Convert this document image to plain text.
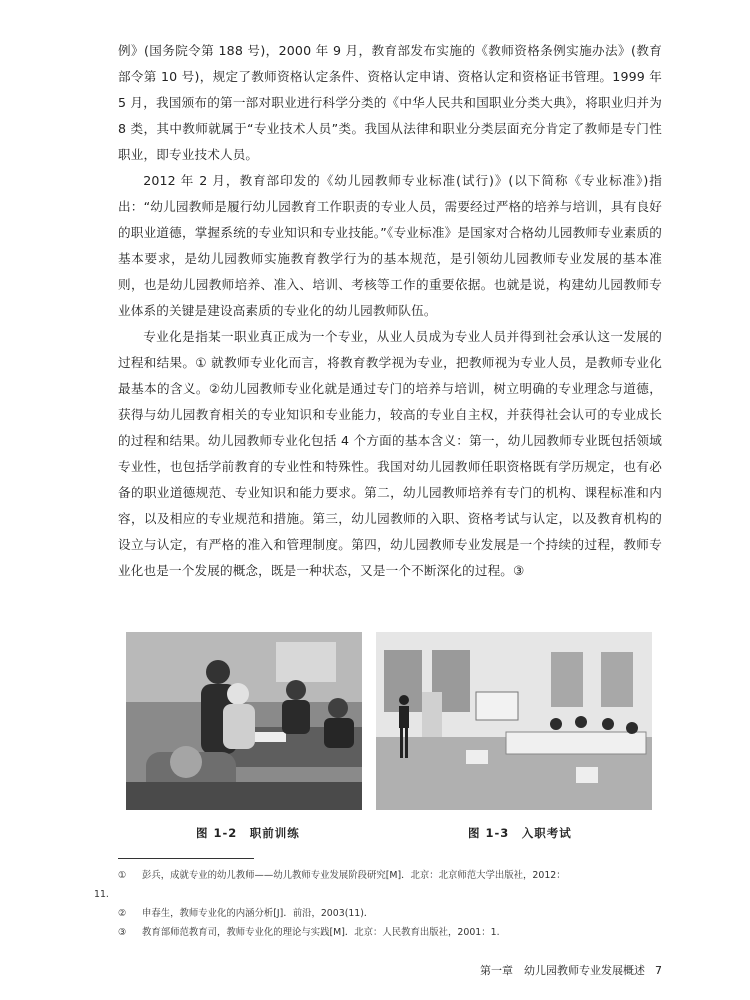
例》(国务院令第 188 号)，2000 年 9 月，教育部发布实施的《教师资格条例实施办法》(教育部令第 10 号)，规定了教师资格认定条件、资格认定申请、资格认定和资格证书管理。1999 年 5 月，我国颁布的第一部对职业进行科学分类的《中华人民共和国职业分类大典》，将职业归并为 8 类，其中教师就属于“专业技术人员”类。我国从法律和职业分类层面充分肯定了教师是专门性职业，即专业技术人员。

2012 年 2 月，教育部印发的《幼儿园教师专业标准(试行)》(以下简称《专业标准》)指出：“幼儿园教师是履行幼儿园教育工作职责的专业人员，需要经过严格的培养与培训，具有良好的职业道德，掌握系统的专业知识和专业技能。”《专业标准》是国家对合格幼儿园教师专业素质的基本要求，是幼儿园教师实施教育教学行为的基本规范，是引领幼儿园教师专业发展的基本准则，也是幼儿园教师培养、准入、培训、考核等工作的重要依据。也就是说，构建幼儿园教师专业体系的关键是建设高素质的专业化的幼儿园教师队伍。

专业化是指某一职业真正成为一个专业，从业人员成为专业人员并得到社会承认这一发展的过程和结果。① 就教师专业化而言，将教育教学视为专业，把教师视为专业人员，是教师专业化最基本的含义。②幼儿园教师专业化就是通过专门的培养与培训，树立明确的专业理念与道德，获得与幼儿园教育相关的专业知识和专业能力，较高的专业自主权，并获得社会认可的专业成长的过程和结果。幼儿园教师专业化包括 4 个方面的基本含义：第一，幼儿园教师专业既包括领域专业性，也包括学前教育的专业性和特殊性。我国对幼儿园教师任职资格既有学历规定，也有必备的职业道德规范、专业知识和能力要求。第二，幼儿园教师培养有专门的机构、课程标准和内容，以及相应的专业规范和措施。第三，幼儿园教师的入职、资格考试与认定，以及教育机构的设立与认定，有严格的准入和管理制度。第四，幼儿园教师专业发展是一个持续的过程，教师专业化也是一个发展的概念，既是一种状态，又是一个不断深化的过程。③

图 1-2　职前训练	图 1-3　入职考试
① 彭兵，成就专业的幼儿教师——幼儿教师专业发展阶段研究[M]．北京：北京师范大学出版社，2012：
11.
② 申春生，教师专业化的内涵分析[J]．前沿，2003(11)．
③ 教育部师范教育司，教师专业化的理论与实践[M]．北京：人民教育出版社，2001：1.
第一章　幼儿园教师专业发展概述 7
